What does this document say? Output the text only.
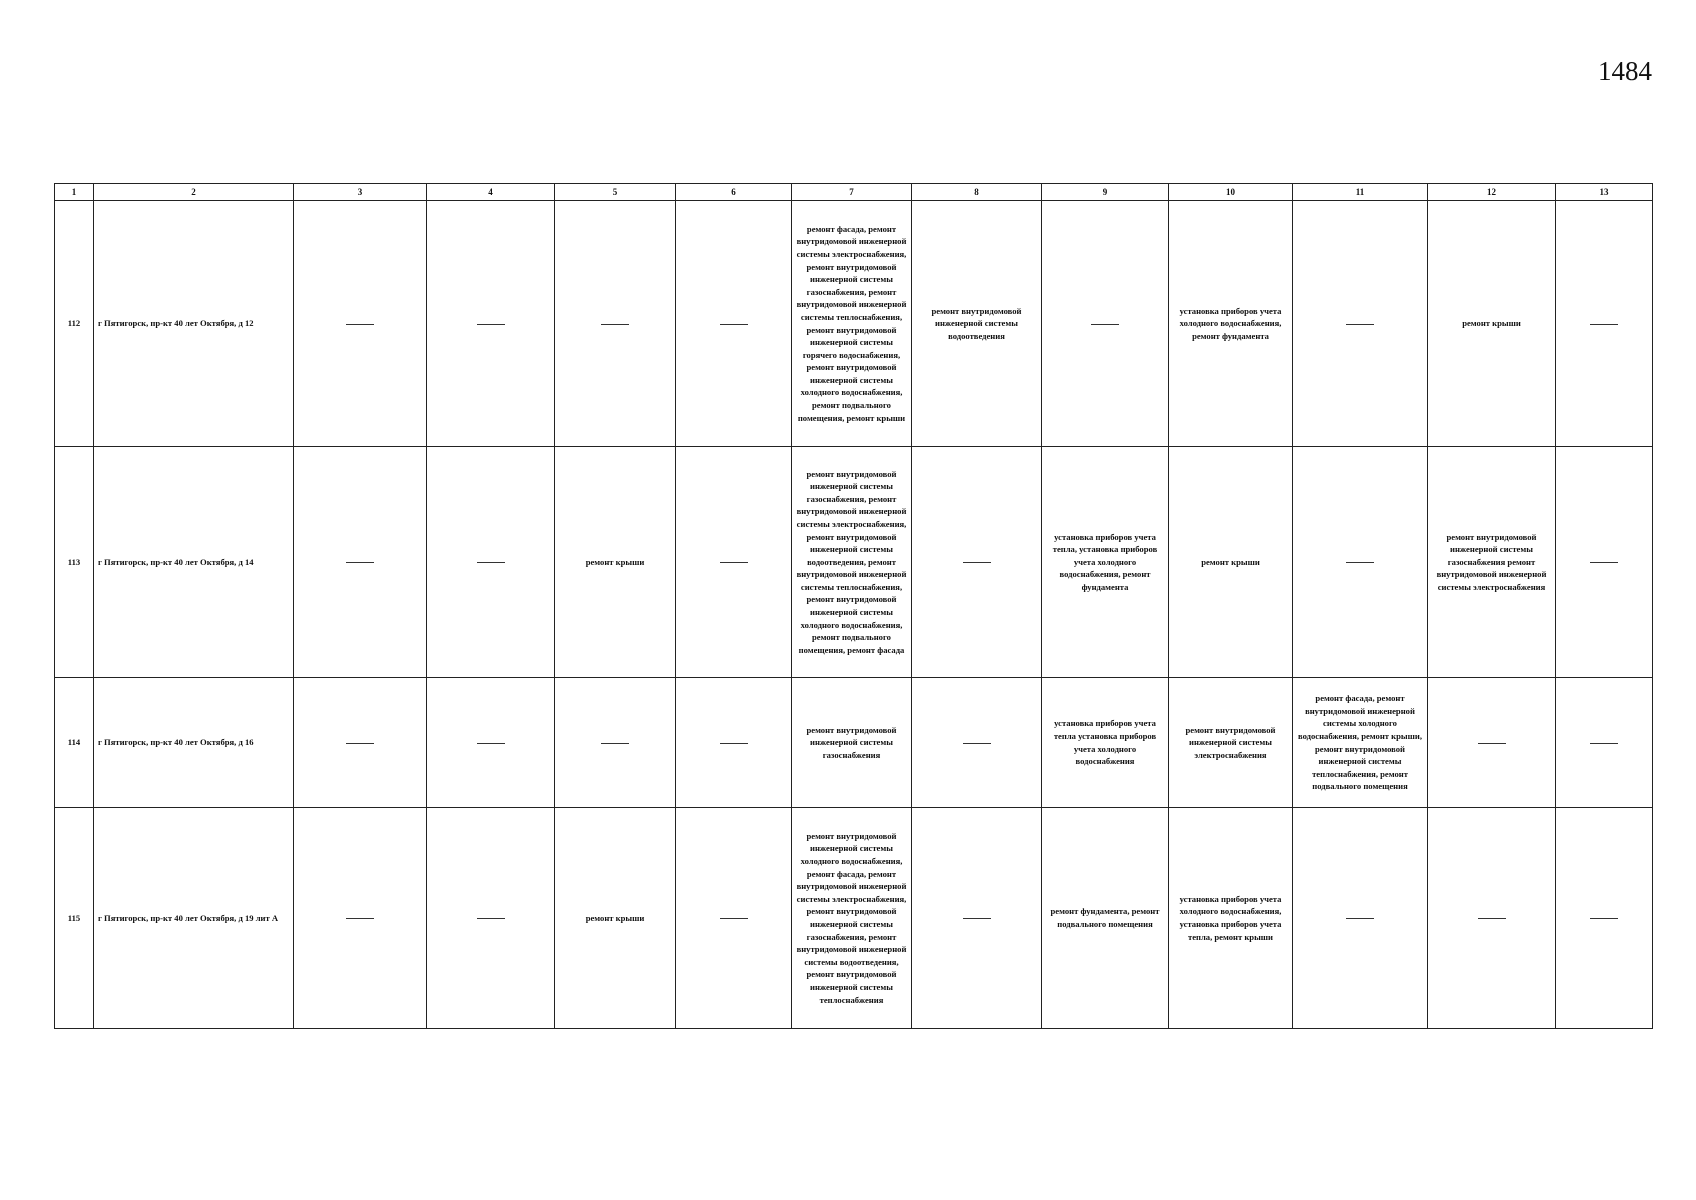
1484
1	2	3	4	5	6	7	8	9	10	11	12	13
112	г Пятигорск, пр-кт 40 лет Октября, д 12					ремонт фасада, ремонт внутридомовой инженерной системы электроснабжения, ремонт внутридомовой инженерной системы газоснабжения, ремонт внутридомовой инженерной системы теплоснабжения, ремонт внутридомовой инженерной системы горячего водоснабжения, ремонт внутридомовой инженерной системы холодного водоснабжения, ремонт подвального помещения, ремонт крыши	ремонт внутридомовой инженерной системы водоотведения		установка приборов учета холодного водоснабжения, ремонт фундамента		ремонт крыши	
113	г Пятигорск, пр-кт 40 лет Октября, д 14			ремонт крыши		ремонт внутридомовой инженерной системы газоснабжения, ремонт внутридомовой инженерной системы электроснабжения, ремонт внутридомовой инженерной системы водоотведения, ремонт внутридомовой инженерной системы теплоснабжения, ремонт внутридомовой инженерной системы холодного водоснабжения, ремонт подвального помещения, ремонт фасада		установка приборов учета тепла, установка приборов учета холодного водоснабжения, ремонт фундамента	ремонт крыши		ремонт внутридомовой инженерной системы газоснабжения ремонт внутридомовой инженерной системы электроснабжения	
114	г Пятигорск, пр-кт 40 лет Октября, д 16					ремонт внутридомовой инженерной системы газоснабжения		установка приборов учета тепла установка приборов учета холодного водоснабжения	ремонт внутридомовой инженерной системы электроснабжения	ремонт фасада, ремонт внутридомовой инженерной системы холодного водоснабжения, ремонт крыши, ремонт внутридомовой инженерной системы теплоснабжения, ремонт подвального помещения		
115	г Пятигорск, пр-кт 40 лет Октября, д 19 лит А			ремонт крыши		ремонт внутридомовой инженерной системы холодного водоснабжения, ремонт фасада, ремонт внутридомовой инженерной системы электроснабжения, ремонт внутридомовой инженерной системы газоснабжения, ремонт внутридомовой инженерной системы водоотведения, ремонт внутридомовой инженерной системы теплоснабжения		ремонт фундамента, ремонт подвального помещения	установка приборов учета холодного водоснабжения, установка приборов учета тепла, ремонт крыши			
